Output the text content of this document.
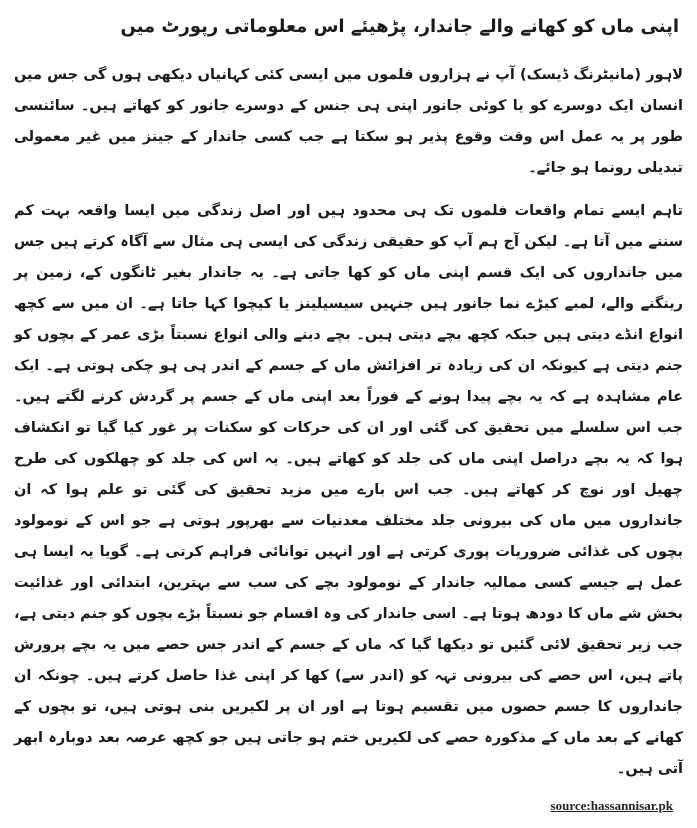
اپنی ماں کو کھانے والے جاندار، پڑھیئے اس معلوماتی رپورٹ میں

لاہور (مانیٹرنگ ڈیسک) آپ نے ہزاروں فلموں میں ایسی کئی کہانیاں دیکھی ہوں گی جس میں انسان ایک دوسرے کو یا کوئی جانور اپنی ہی جنس کے دوسرے جانور کو کھاتے ہیں۔ سائنسی طور پر یہ عمل اس وقت وقوع پذیر ہو سکتا ہے جب کسی جاندار کے جینز میں غیر معمولی تبدیلی رونما ہو جائے۔

تاہم ایسے تمام واقعات فلموں تک ہی محدود ہیں اور اصل زندگی میں ایسا واقعہ بہت کم سننے میں آتا ہے۔ لیکن آج ہم آپ کو حقیقی زندگی کی ایسی ہی مثال سے آگاہ کرتے ہیں جس میں جانداروں کی ایک قسم اپنی ماں کو کھا جاتی ہے۔ یہ جاندار بغیر ٹانگوں کے، زمین پر رینگنے والے، لمبے کیڑے نما جانور ہیں جنہیں سیسیلینز یا کیچوا کہا جاتا ہے۔ ان میں سے کچھ انواع انڈے دیتی ہیں جبکہ کچھ بچے دیتی ہیں۔ بچے دینے والی انواع نسبتاً بڑی عمر کے بچوں کو جنم دیتی ہے کیونکہ ان کی زیادہ تر افزائش ماں کے جسم کے اندر ہی ہو چکی ہوتی ہے۔ ایک عام مشاہدہ ہے کہ یہ بچے پیدا ہونے کے فوراً بعد اپنی ماں کے جسم پر گردش کرنے لگتے ہیں۔ جب اس سلسلے میں تحقیق کی گئی اور ان کی حرکات کو سکنات پر غور کیا گیا تو انکشاف ہوا کہ یہ بچے دراصل اپنی ماں کی جلد کو کھاتے ہیں۔ یہ اس کی جلد کو چھلکوں کی طرح چھیل اور نوچ کر کھاتے ہیں۔ جب اس بارے میں مزید تحقیق کی گئی تو علم ہوا کہ ان جانداروں میں ماں کی بیرونی جلد مختلف معدنیات سے بھرپور ہوتی ہے جو اس کے نومولود بچوں کی غذائی ضروریات پوری کرتی ہے اور انہیں توانائی فراہم کرتی ہے۔ گویا یہ ایسا ہی عمل ہے جیسے کسی ممالیہ جاندار کے نومولود بچے کی سب سے بہترین، ابتدائی اور غذائیت بخش شے ماں کا دودھ ہوتا ہے۔ اسی جاندار کی وہ اقسام جو نسبتاً بڑے بچوں کو جنم دیتی ہے، جب زیر تحقیق لائی گئیں تو دیکھا گیا کہ ماں کے جسم کے اندر جس حصے میں یہ بچے پرورش پاتے ہیں، اس حصے کی بیرونی تہہ کو (اندر سے) کھا کر اپنی غذا حاصل کرتے ہیں۔ چونکہ ان جانداروں کا جسم حصوں میں تقسیم ہوتا ہے اور ان پر لکیریں بنی ہوتی ہیں، تو بچوں کے کھانے کے بعد ماں کے مذکورہ حصے کی لکیریں ختم ہو جاتی ہیں جو کچھ عرصہ بعد دوبارہ ابھر آتی ہیں۔

source:hassannisar.pk
